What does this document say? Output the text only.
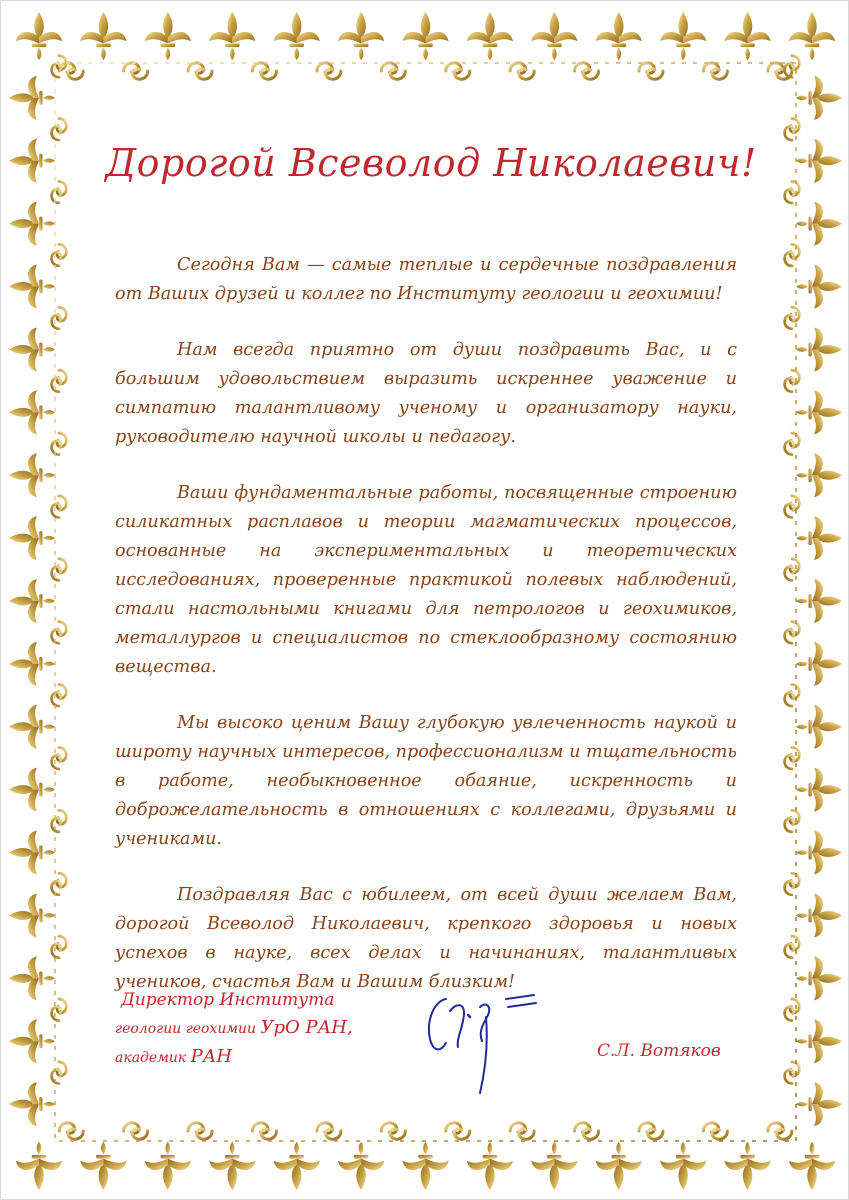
Дорогой Всеволод Николаевич!

Сегодня Вам — самые теплые и сердечные поздравления от Ваших друзей и коллег по Институту геологии и геохимии!

Нам всегда приятно от души поздравить Вас, и с большим удовольствием выразить искреннее уважение и симпатию талантливому ученому и организатору науки, руководителю научной школы и педагогу.

Ваши фундаментальные работы, посвященные строению силикатных расплавов и теории магматических процессов, основанные на экспериментальных и теоретических исследованиях, проверенные практикой полевых наблюдений, стали настольными книгами для петрологов и геохимиков, металлургов и специалистов по стеклообразному состоянию вещества.

Мы высоко ценим Вашу глубокую увлеченность наукой и широту научных интересов, профессионализм и тщательность в работе, необыкновенное обаяние, искренность и доброжелательность в отношениях с коллегами, друзьями и учениками.

Поздравляя Вас с юбилеем, от всей души желаем Вам, дорогой Всеволод Николаевич, крепкого здоровья и новых успехов в науке, всех делах и начинаниях, талантливых учеников, счастья Вам и Вашим близким!

Директор Института
геологии геохимии УрО РАН,
академик РАН	С.Л. Вотяков
